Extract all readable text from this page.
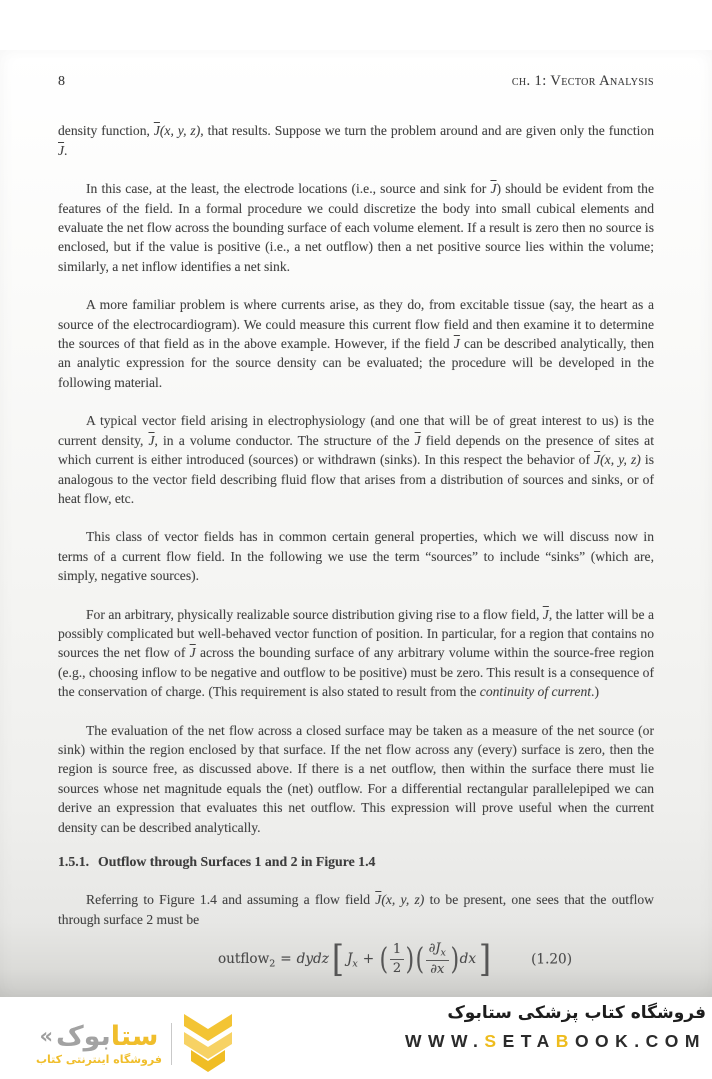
8	ch. 1: Vector Analysis

density function, $\overline{J}(x$, y, z), that results. Suppose we turn the problem around and are given only the function $\overline{J}$.

In this case, at the least, the electrode locations (i.e., source and sink for $\overline{J}$) should be evident from the features of the field. In a formal procedure we could discretize the body into small cubical elements and evaluate the net flow across the bounding surface of each volume element. If a result is zero then no source is enclosed, but if the value is positive (i.e., a net outflow) then a net positive source lies within the volume; similarly, a net inflow identifies a net sink.

A more familiar problem is where currents arise, as they do, from excitable tissue (say, the heart as a source of the electrocardiogram). We could measure this current flow field and then examine it to determine the sources of that field as in the above example. However, if the field $\overline{J}$ can be described analytically, then an analytic expression for the source density can be evaluated; the procedure will be developed in the following material.

A typical vector field arising in electrophysiology (and one that will be of great interest to us) is the current density, $\overline{J}$, in a volume conductor. The structure of the $\overline{J}$ field depends on the presence of sites at which current is either introduced (sources) or withdrawn (sinks). In this respect the behavior of $\overline{J}(x$, y, z) is analogous to the vector field describing fluid flow that arises from a distribution of sources and sinks, or of heat flow, etc.

This class of vector fields has in common certain general properties, which we will discuss now in terms of a current flow field. In the following we use the term “sources” to include “sinks” (which are, simply, negative sources).

For an arbitrary, physically realizable source distribution giving rise to a flow field, $\overline{J}$, the latter will be a possibly complicated but well-behaved vector function of position. In particular, for a region that contains no sources the net flow of $\overline{J}$ across the bounding surface of any arbitrary volume within the source-free region (e.g., choosing inflow to be negative and outflow to be positive) must be zero. This result is a consequence of the conservation of charge. (This requirement is also stated to result from the continuity of current.)

The evaluation of the net flow across a closed surface may be taken as a measure of the net source (or sink) within the region enclosed by that surface. If the net flow across any (every) surface is zero, then the region is source free, as discussed above. If there is a net outflow, then within the surface there must lie sources whose net magnitude equals the (net) outflow. For a differential rectangular parallelepiped we can derive an expression that evaluates this net outflow. This expression will prove useful when the current density can be described analytically.

1.5.1. Outflow through Surfaces 1 and 2 in Figure 1.4

Referring to Figure 1.4 and assuming a flow field $\overline{J}(x$, y, z) to be present, one sees that the outflow through surface 2 must be

outflow$_2$ = dydz[ $J_x$ + ( $\frac{1}{2}$ )( $\frac{\partial J_x}{\partial x} )dx$]	(1.20)
« بوک ستا
فروشگاه اینترنتی کتاب
فروشگاه کتاب پزشکی ستابوک
WWW.SETABOOK.COM
